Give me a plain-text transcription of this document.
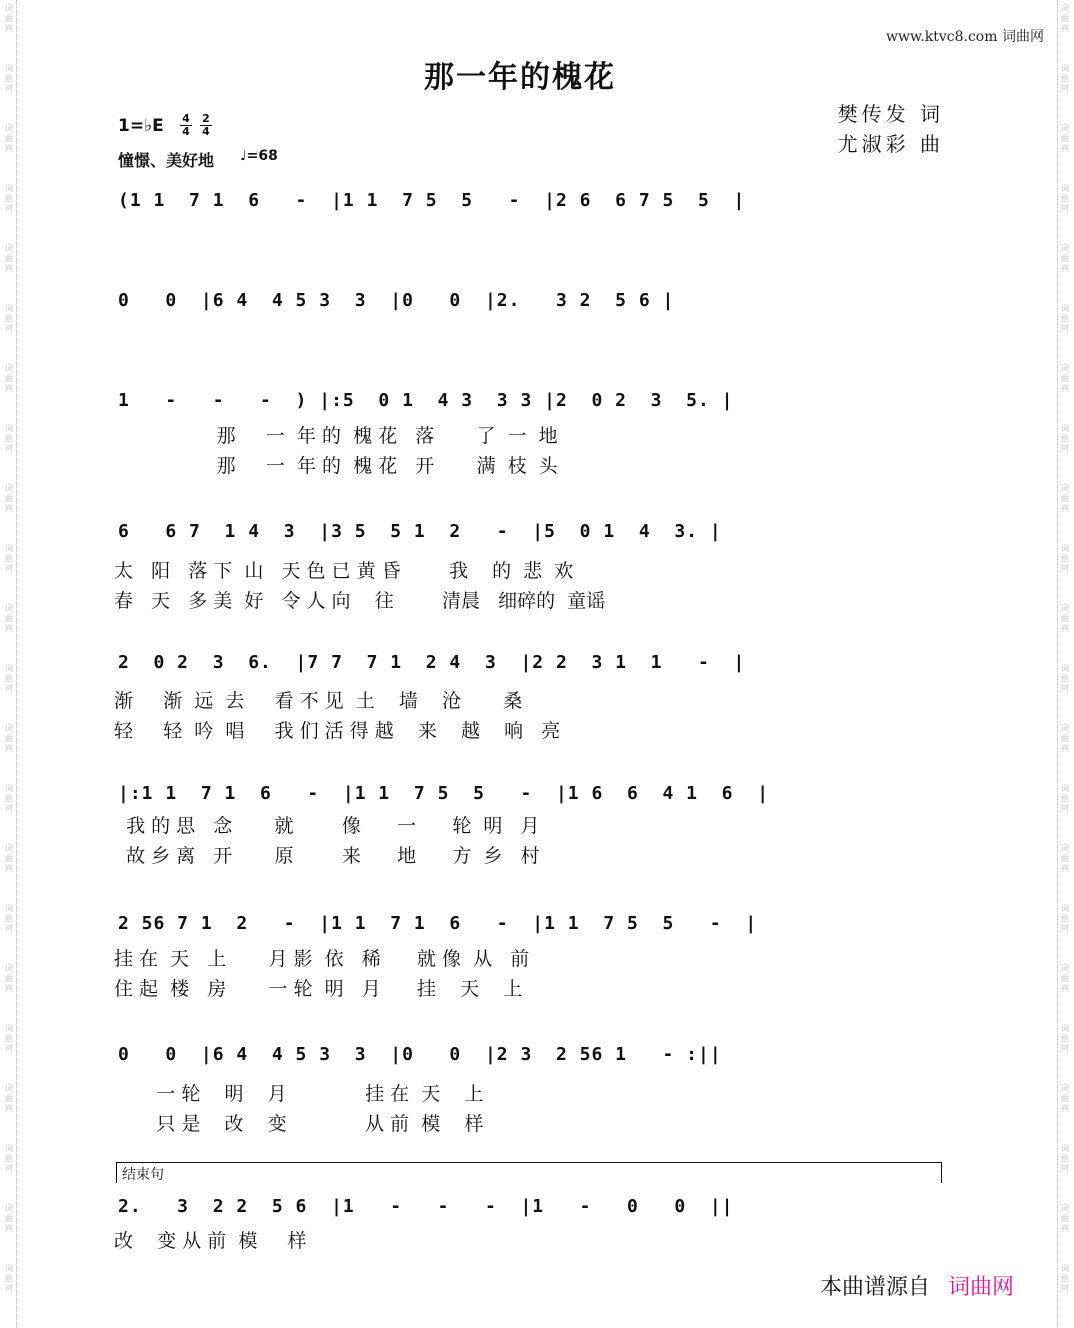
词
曲
网
词
曲
网
词
曲
网
词
曲
网
词
曲
网
词
曲
网
词
曲
网
词
曲
网
词
曲
网
词
曲
网
词
曲
网
词
曲
网
词
曲
网
词
曲
网
词
曲
网
词
曲
网
词
曲
网
词
曲
网
词
曲
网
词
曲
网
词
曲
网
词
曲
网
词
曲
网
词
曲
网
词
曲
网
词
曲
网
词
曲
网
词
曲
网
词
曲
网
词
曲
网
词
曲
网
词
曲
网
词
曲
网
词
曲
网
词
曲
网
词
曲
网
词
曲
网
词
曲
网
词
曲
网
词
曲
网
词
曲
网
词
曲
网
词
曲
网
词
曲
网
www.ktvc8.com 词曲网
那一年的槐花
樊传发 词
尤淑彩 曲
1=♭E 4
4
2
4
憧憬、美好地 ♩=68
(1 1  7 1  6   -  |1 1  7 5  5   -  |2 6  6 7 5  5  |
0   0  |6 4  4 5 3  3  |0   0  |2.   3 2  5 6 |
1   -   -   -  ) |:5  0 1  4 3  3 3 |2  0 2  3  5. |
那     一  年 的  槐 花   落       了  一  地
那     一  年 的  槐 花   开       满  枝  头
6   6 7  1 4  3  |3 5  5 1  2   -  |5  0 1  4  3. |
太   阳   落 下  山   天 色 已 黄 昏        我    的  悲  欢
春   天   多 美  好   令 人 向    往        清晨   细碎的  童谣
2  0 2  3  6.  |7 7  7 1  2 4  3  |2 2  3 1  1   -  |
渐     渐  远  去     看 不 见  土    墙    沧       桑
轻     轻  吟  唱     我 们 活 得 越    来    越    响   亮
|:1 1  7 1  6   -  |1 1  7 5  5   -  |1 6  6  4 1  6  |
我 的 思   念       就        像      一      轮  明   月
故 乡 离   开       原        来      地      方  乡   村
2 56 7 1  2   -  |1 1  7 1  6   -  |1 1  7 5  5   -  |
挂 在  天   上       月 影  依   稀      就 像  从   前
住 起  楼   房       一 轮  明   月      挂    天    上
0   0  |6 4  4 5 3  3  |0   0  |2 3  2 56 1   - :||
一 轮    明    月             挂 在  天    上
只 是    改    变             从 前  模    样
结束句
2.   3  2 2  5 6  |1   -   -   -  |1   -   0   0  ||
改    变 从 前  模     样
本曲谱源自 词曲网
